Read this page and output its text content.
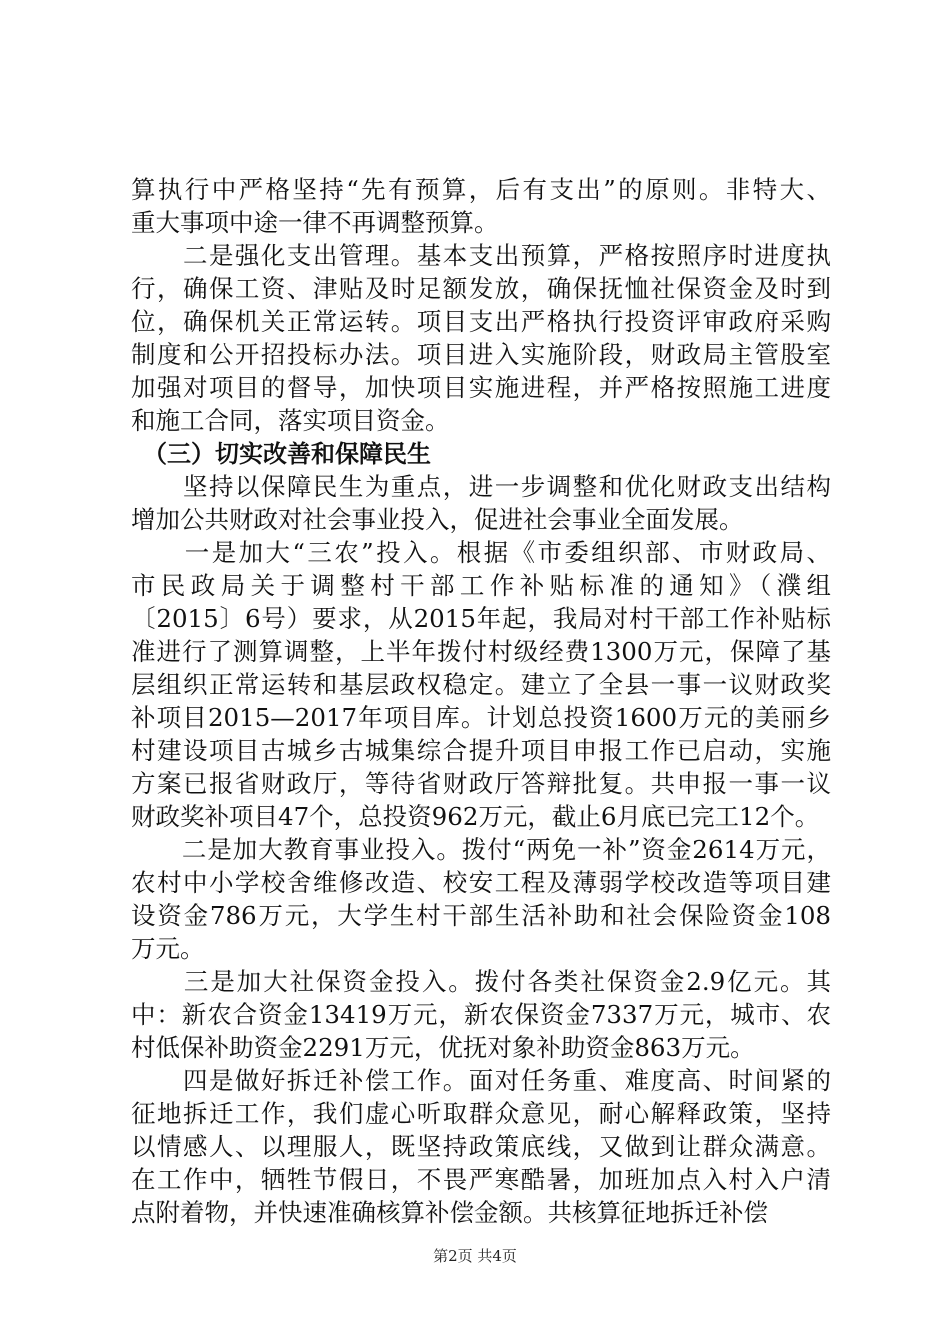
算执行中严格坚持“先有预算，后有支出”的原则。非特大、
重大事项中途一律不再调整预算。
　　二是强化支出管理。基本支出预算，严格按照序时进度执
行，确保工资、津贴及时足额发放，确保抚恤社保资金及时到
位，确保机关正常运转。项目支出严格执行投资评审政府采购
制度和公开招投标办法。项目进入实施阶段，财政局主管股室
加强对项目的督导，加快项目实施进程，并严格按照施工进度
和施工合同，落实项目资金。
　（三）切实改善和保障民生
　　坚持以保障民生为重点，进一步调整和优化财政支出结构
增加公共财政对社会事业投入，促进社会事业全面发展。
　　一是加大“三农”投入。根据《市委组织部、市财政局、
市民政局关于调整村干部工作补贴标准的通知》（濮组
〔2015〕6号）要求，从2015年起，我局对村干部工作补贴标
准进行了测算调整，上半年拨付村级经费1300万元，保障了基
层组织正常运转和基层政权稳定。建立了全县一事一议财政奖
补项目2015—2017年项目库。计划总投资1600万元的美丽乡
村建设项目古城乡古城集综合提升项目申报工作已启动，实施
方案已报省财政厅，等待省财政厅答辩批复。共申报一事一议
财政奖补项目47个，总投资962万元，截止6月底已完工12个。
　　二是加大教育事业投入。拨付“两免一补”资金2614万元，
农村中小学校舍维修改造、校安工程及薄弱学校改造等项目建
设资金786万元，大学生村干部生活补助和社会保险资金108
万元。
　　三是加大社保资金投入。拨付各类社保资金2.9亿元。其
中：新农合资金13419万元，新农保资金7337万元，城市、农
村低保补助资金2291万元，优抚对象补助资金863万元。
　　四是做好拆迁补偿工作。面对任务重、难度高、时间紧的
征地拆迁工作，我们虚心听取群众意见，耐心解释政策，坚持
以情感人、以理服人，既坚持政策底线，又做到让群众满意。
在工作中，牺牲节假日，不畏严寒酷暑，加班加点入村入户清
点附着物，并快速准确核算补偿金额。共核算征地拆迁补偿
第2页 共4页
